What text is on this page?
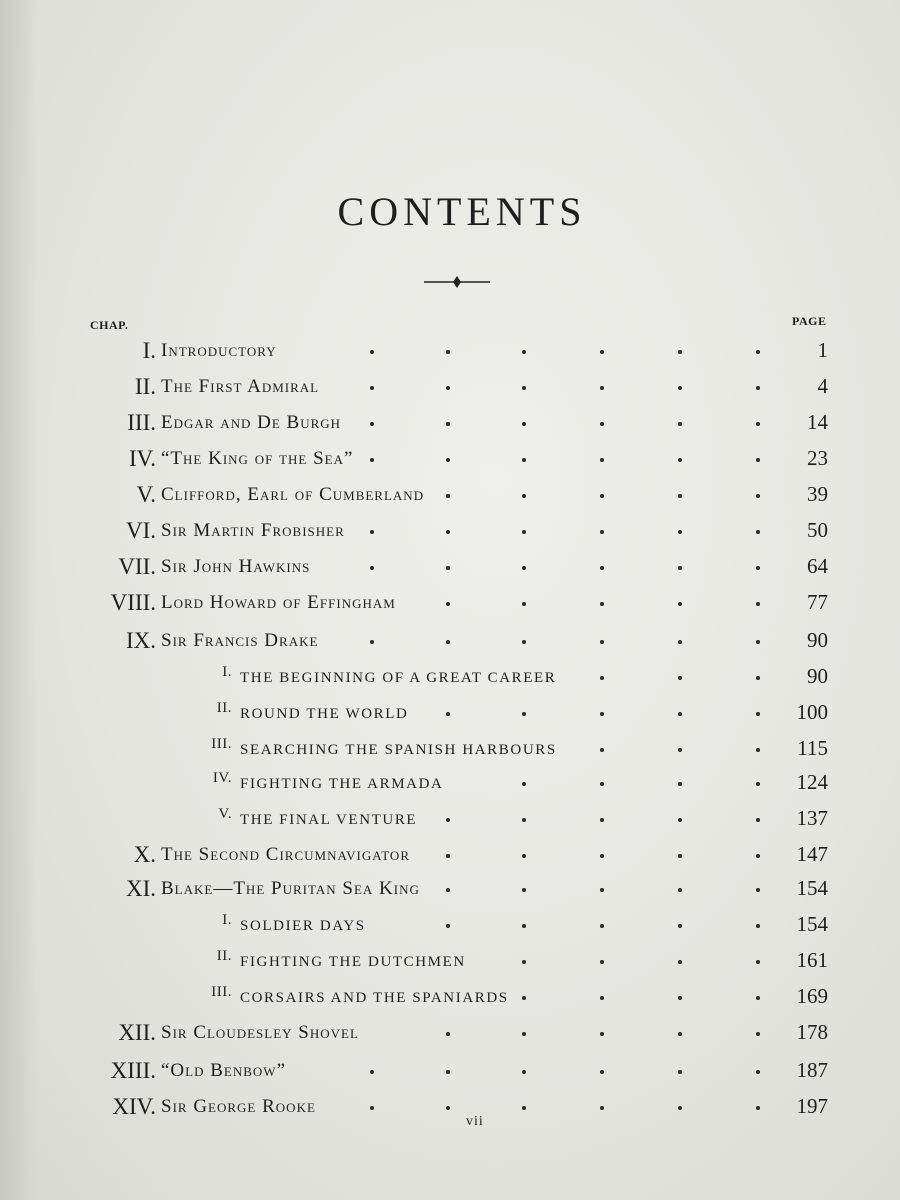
CONTENTS
CHAP.	PAGE
I. Introductory	1
II. The First Admiral	4
III. Edgar and De Burgh	14
IV. “The King of the Sea”	23
V. Clifford, Earl of Cumberland	39
VI. Sir Martin Frobisher	50
VII. Sir John Hawkins	64
VIII. Lord Howard of Effingham	77
IX. Sir Francis Drake	90
I. THE BEGINNING OF A GREAT CAREER	90
II. ROUND THE WORLD	100
III. SEARCHING THE SPANISH HARBOURS	115
IV. FIGHTING THE ARMADA	124
V. THE FINAL VENTURE	137
X. The Second Circumnavigator	147
XI. Blake—The Puritan Sea King	154
I. SOLDIER DAYS	154
II. FIGHTING THE DUTCHMEN	161
III. CORSAIRS AND THE SPANIARDS	169
XII. Sir Cloudesley Shovel	178
XIII. “Old Benbow”	187
XIV. Sir George Rooke	197
vii
